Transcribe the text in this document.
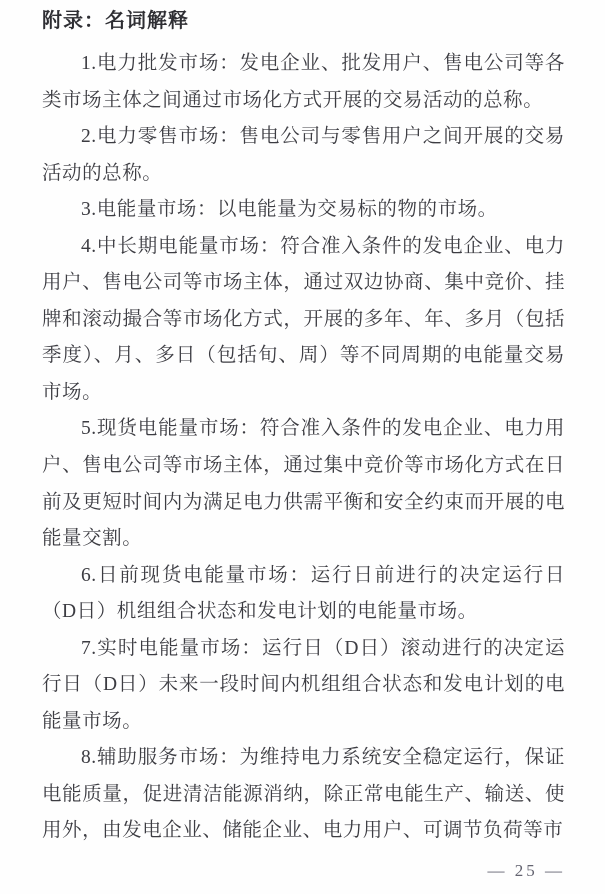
附录：名词解释

1.电力批发市场：发电企业、批发用户、售电公司等各类市场主体之间通过市场化方式开展的交易活动的总称。

2.电力零售市场：售电公司与零售用户之间开展的交易活动的总称。

3.电能量市场：以电能量为交易标的物的市场。

4.中长期电能量市场：符合准入条件的发电企业、电力用户、售电公司等市场主体，通过双边协商、集中竞价、挂牌和滚动撮合等市场化方式，开展的多年、年、多月（包括季度）、月、多日（包括旬、周）等不同周期的电能量交易市场。

5.现货电能量市场：符合准入条件的发电企业、电力用户、售电公司等市场主体，通过集中竞价等市场化方式在日前及更短时间内为满足电力供需平衡和安全约束而开展的电能量交割。

6.日前现货电能量市场：运行日前进行的决定运行日（D日）机组组合状态和发电计划的电能量市场。

7.实时电能量市场：运行日（D日）滚动进行的决定运行日（D日）未来一段时间内机组组合状态和发电计划的电能量市场。

8.辅助服务市场：为维持电力系统安全稳定运行，保证电能质量，促进清洁能源消纳，除正常电能生产、输送、使用外，由发电企业、储能企业、电力用户、可调节负荷等市

— 25 —
